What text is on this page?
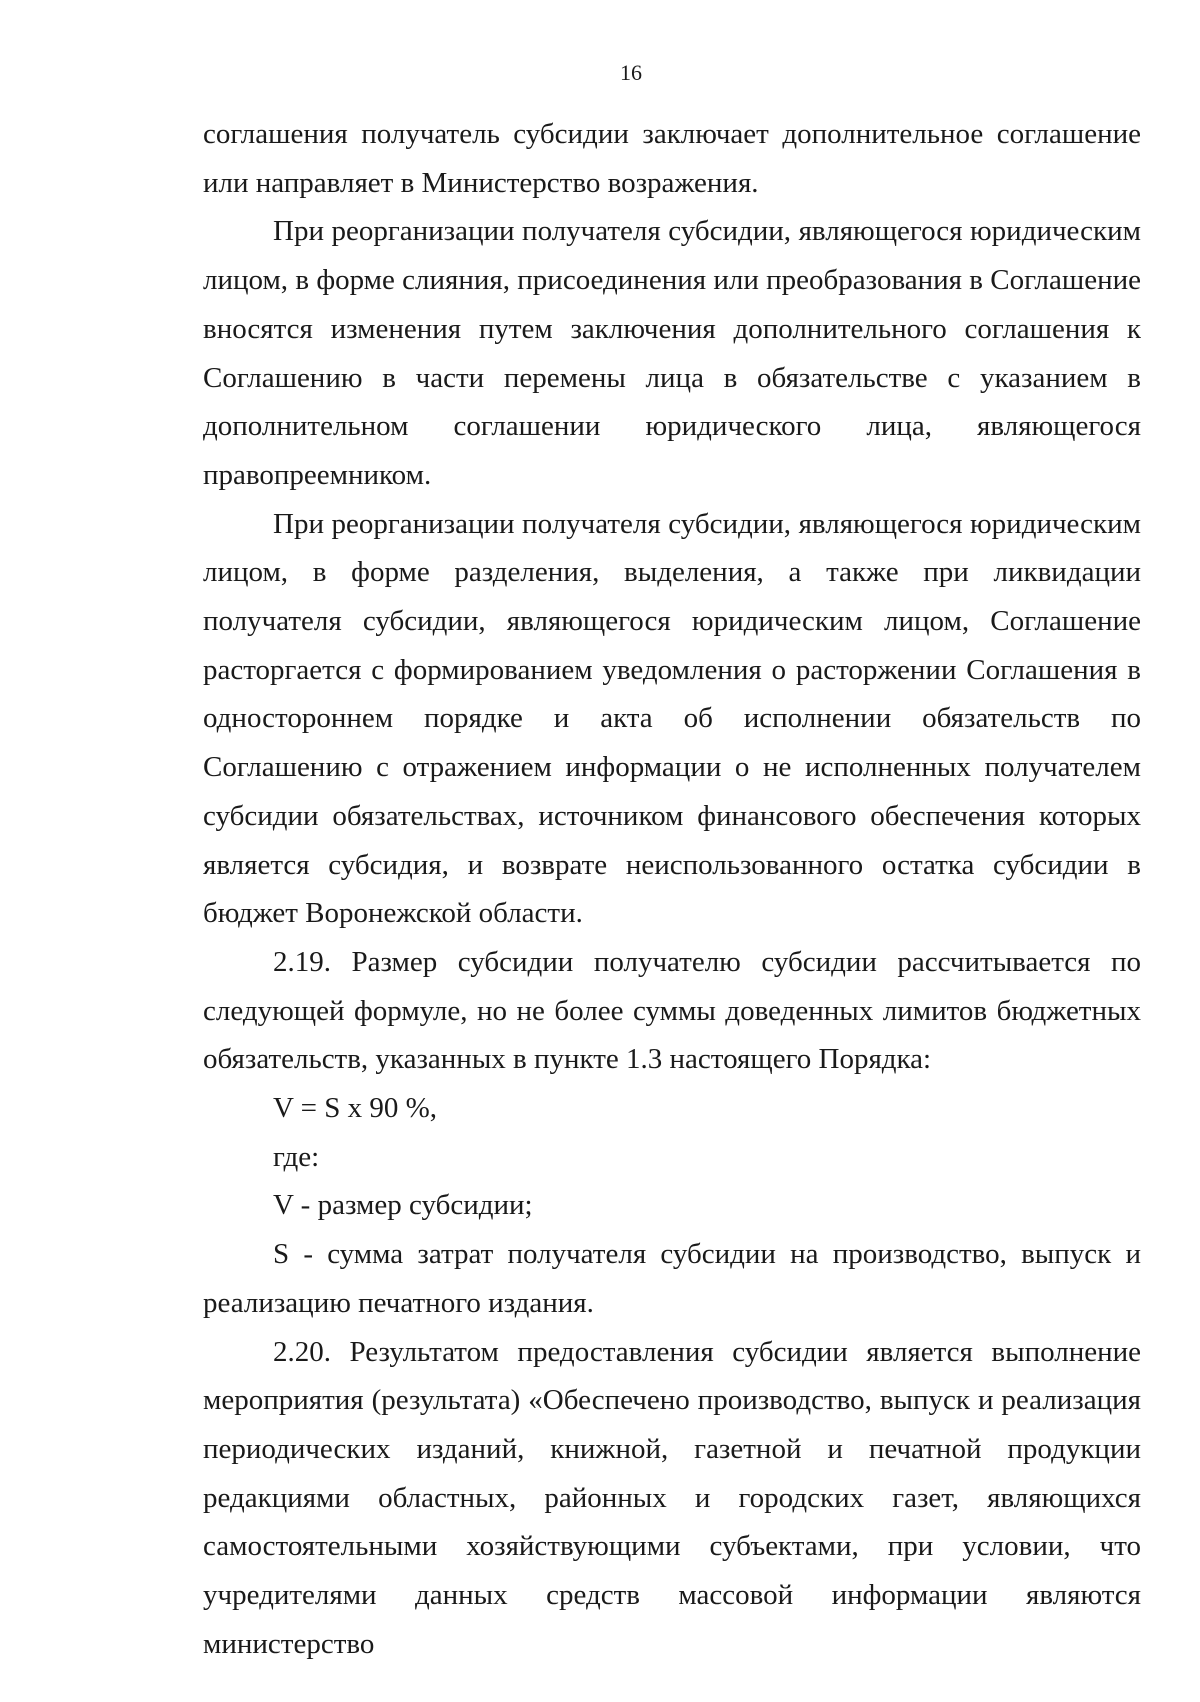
16

соглашения получатель субсидии заключает дополнительное соглашение или направляет в Министерство возражения.

При реорганизации получателя субсидии, являющегося юридическим лицом, в форме слияния, присоединения или преобразования в Соглашение вносятся изменения путем заключения дополнительного соглашения к Соглашению в части перемены лица в обязательстве с указанием в дополнительном соглашении юридического лица, являющегося правопреемником.

При реорганизации получателя субсидии, являющегося юридическим лицом, в форме разделения, выделения, а также при ликвидации получателя субсидии, являющегося юридическим лицом, Соглашение расторгается с формированием уведомления о расторжении Соглашения в одностороннем порядке и акта об исполнении обязательств по Соглашению с отражением информации о не исполненных получателем субсидии обязательствах, источником финансового обеспечения которых является субсидия, и возврате неиспользованного остатка субсидии в бюджет Воронежской области.

2.19. Размер субсидии получателю субсидии рассчитывается по следующей формуле, но не более суммы доведенных лимитов бюджетных обязательств, указанных в пункте 1.3 настоящего Порядка:

V = S x 90 %,

где:

V - размер субсидии;

S - сумма затрат получателя субсидии на производство, выпуск и реализацию печатного издания.

2.20. Результатом предоставления субсидии является выполнение мероприятия (результата) «Обеспечено производство, выпуск и реализация периодических изданий, книжной, газетной и печатной продукции редакциями областных, районных и городских газет, являющихся самостоятельными хозяйствующими субъектами, при условии, что учредителями данных средств массовой информации являются министерство
